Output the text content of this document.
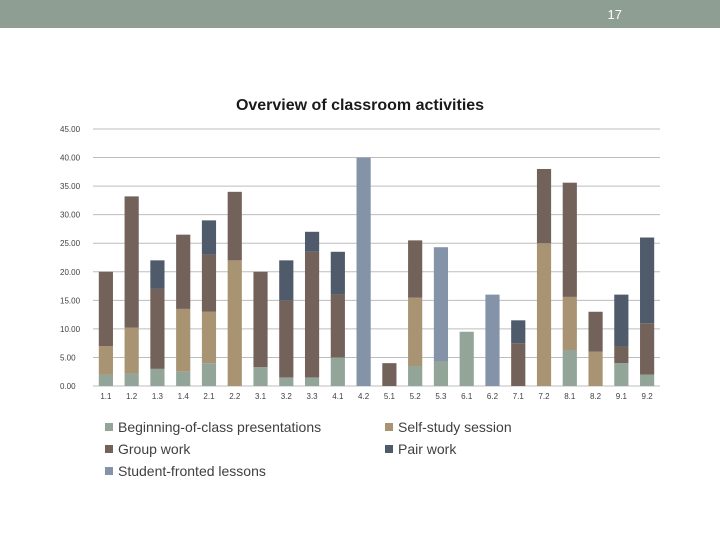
17
Overview of classroom activities
0.00
5.00
10.00
15.00
20.00
25.00
30.00
35.00
40.00
45.00
1.1 1.2 1.3 1.4 2.1 2.2 3.1 3.2 3.3 4.1 4.2 5.1 5.2 5.3 6.1 6.2 7.1 7.2 8.1 8.2 9.1 9.2
Beginning-of-class presentations	Self-study session
Group work	Pair work
Student-fronted lessons
